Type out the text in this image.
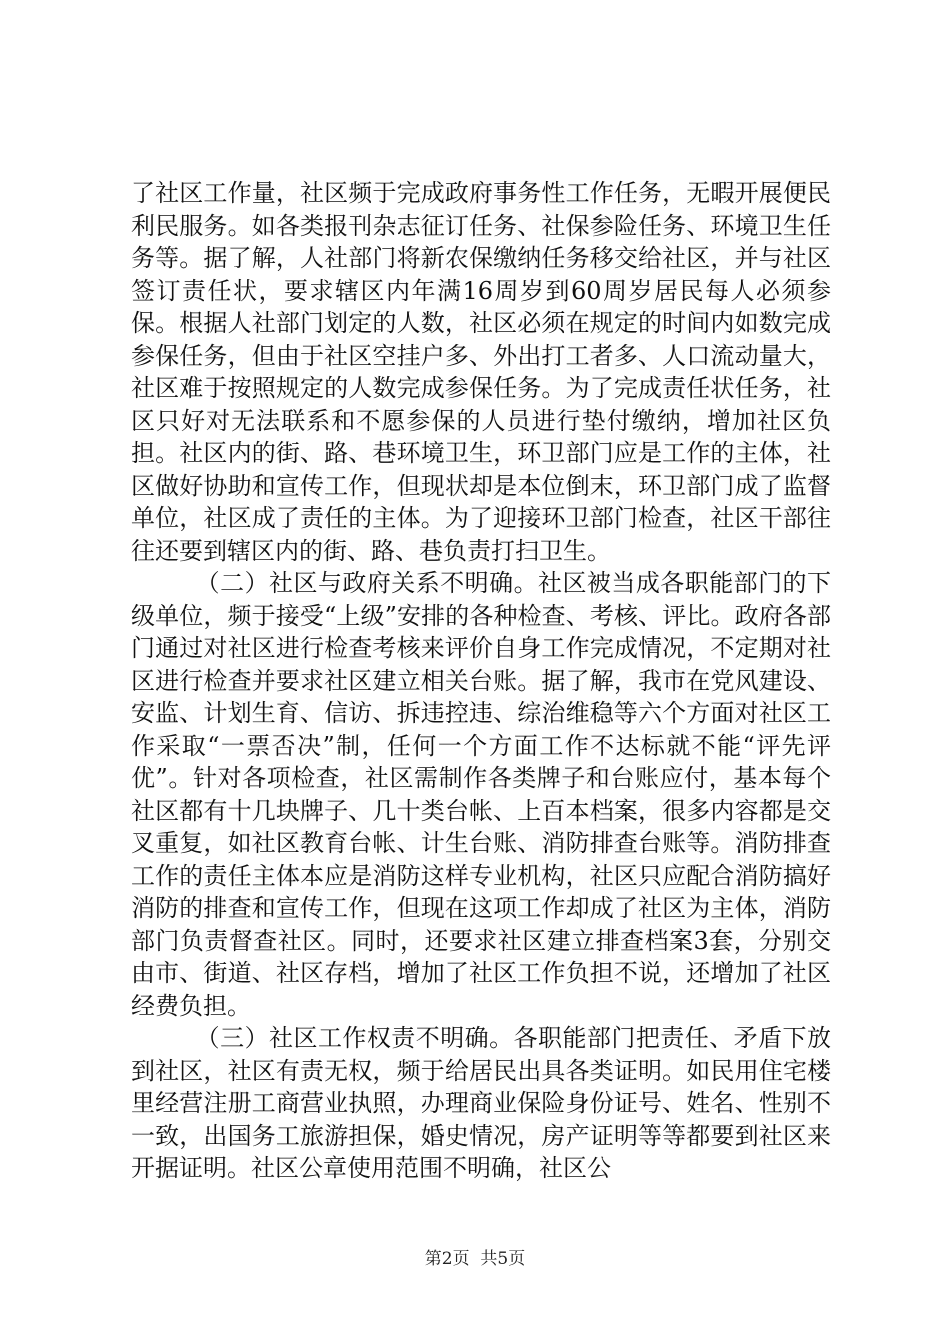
了社区工作量，社区频于完成政府事务性工作任务，无暇开展便民利民服务。如各类报刊杂志征订任务、社保参险任务、环境卫生任务等。据了解，人社部门将新农保缴纳任务移交给社区，并与社区签订责任状，要求辖区内年满16周岁到60周岁居民每人必须参保。根据人社部门划定的人数，社区必须在规定的时间内如数完成参保任务，但由于社区空挂户多、外出打工者多、人口流动量大，社区难于按照规定的人数完成参保任务。为了完成责任状任务，社区只好对无法联系和不愿参保的人员进行垫付缴纳，增加社区负担。社区内的街、路、巷环境卫生，环卫部门应是工作的主体，社区做好协助和宣传工作，但现状却是本位倒末，环卫部门成了监督单位，社区成了责任的主体。为了迎接环卫部门检查，社区干部往往还要到辖区内的街、路、巷负责打扫卫生。

（二）社区与政府关系不明确。社区被当成各职能部门的下级单位，频于接受“上级”安排的各种检查、考核、评比。政府各部门通过对社区进行检查考核来评价自身工作完成情况，不定期对社区进行检查并要求社区建立相关台账。据了解，我市在党风建设、安监、计划生育、信访、拆违控违、综治维稳等六个方面对社区工作采取“一票否决”制，任何一个方面工作不达标就不能“评先评优”。针对各项检查，社区需制作各类牌子和台账应付，基本每个社区都有十几块牌子、几十类台帐、上百本档案，很多内容都是交叉重复，如社区教育台帐、计生台账、消防排查台账等。消防排查工作的责任主体本应是消防这样专业机构，社区只应配合消防搞好消防的排查和宣传工作，但现在这项工作却成了社区为主体，消防部门负责督查社区。同时，还要求社区建立排查档案3套，分别交由市、街道、社区存档，增加了社区工作负担不说，还增加了社区经费负担。

（三）社区工作权责不明确。各职能部门把责任、矛盾下放到社区，社区有责无权，频于给居民出具各类证明。如民用住宅楼里经营注册工商营业执照，办理商业保险身份证号、姓名、性别不一致，出国务工旅游担保，婚史情况，房产证明等等都要到社区来开据证明。社区公章使用范围不明确，社区公

第2页  共5页
